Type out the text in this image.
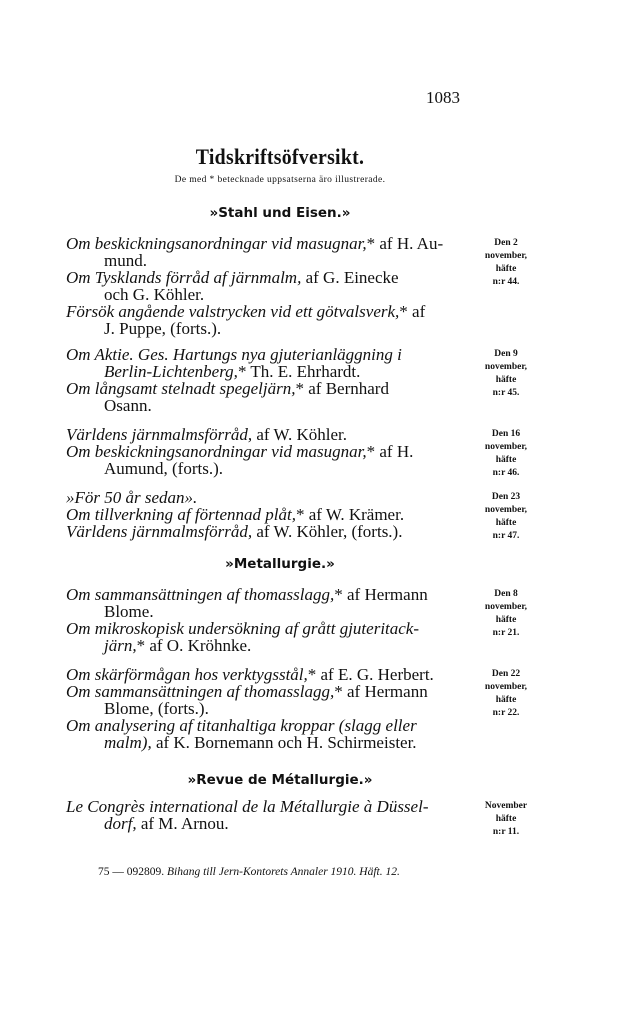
1083
Tidskriftsöfversikt.
De med * betecknade uppsatserna äro illustrerade.
»Stahl und Eisen.»
»Metallurgie.»
»Revue de Métallurgie.»
Om beskickningsanordningar vid masugnar,* af H. Au-
mund.
Om Tysklands förråd af järnmalm, af G. Einecke
och G. Köhler.
Försök angående valstrycken vid ett götvalsverk,* af
J. Puppe, (forts.).
Den 2
november,
häfte
n:r 44.
Om Aktie. Ges. Hartungs nya gjuterianläggning i
Berlin-Lichtenberg,* Th. E. Ehrhardt.
Om långsamt stelnadt spegeljärn,* af Bernhard
Osann.
Den 9
november,
häfte
n:r 45.
Världens järnmalmsförråd, af W. Köhler.
Om beskickningsanordningar vid masugnar,* af H.
Aumund, (forts.).
Den 16
november,
häfte
n:r 46.
»För 50 år sedan».
Om tillverkning af förtennad plåt,* af W. Krämer.
Världens järnmalmsförråd, af W. Köhler, (forts.).
Den 23
november,
häfte
n:r 47.
Om sammansättningen af thomasslagg,* af Hermann
Blome.
Om mikroskopisk undersökning af grått gjuteritack-
järn,* af O. Kröhnke.
Den 8
november,
häfte
n:r 21.
Om skärförmågan hos verktygsstål,* af E. G. Herbert.
Om sammansättningen af thomasslagg,* af Hermann
Blome, (forts.).
Om analysering af titanhaltiga kroppar (slagg eller
malm), af K. Bornemann och H. Schirmeister.
Den 22
november,
häfte
n:r 22.
Le Congrès international de la Métallurgie à Düssel-
dorf, af M. Arnou.
November
häfte
n:r 11.
75 — 092809. Bihang till Jern-Kontorets Annaler 1910. Häft. 12.
